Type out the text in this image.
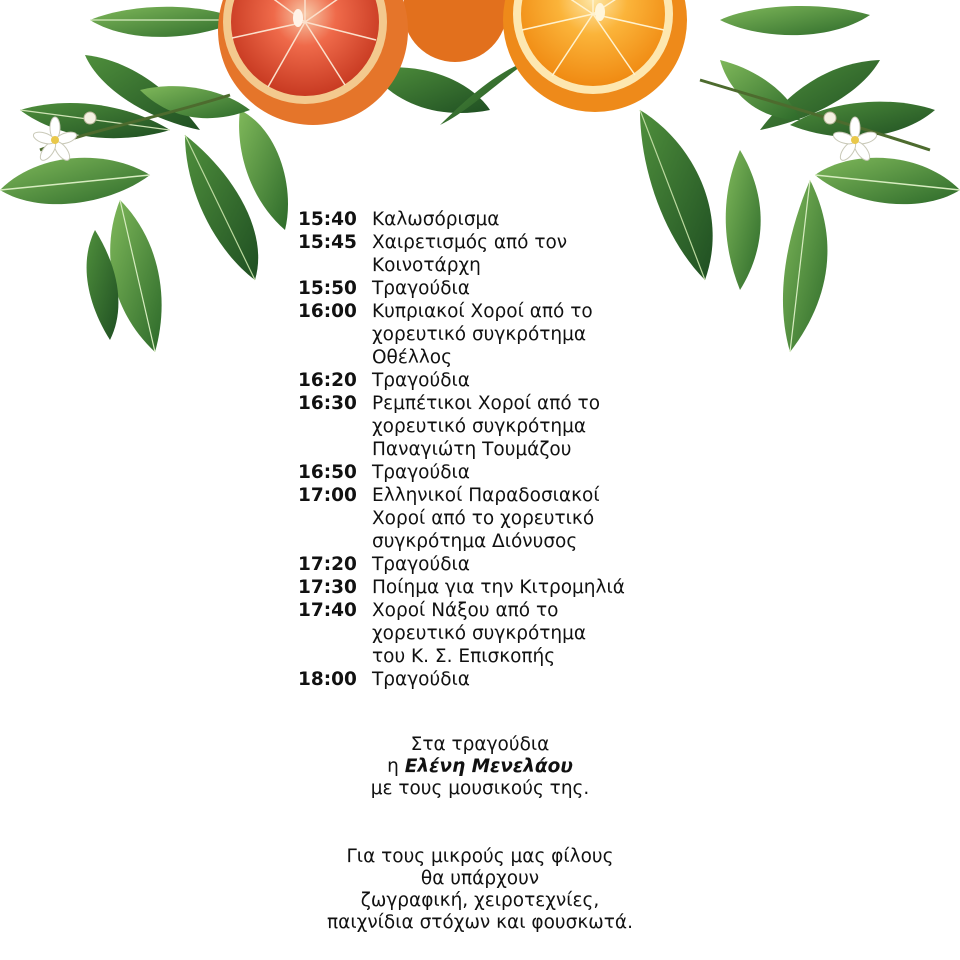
15:40 Καλωσόρισμα
15:45 Χαιρετισμός από τον
Κοινοτάρχη
15:50 Τραγούδια
16:00 Κυπριακοί Χοροί από το
χορευτικό συγκρότημα
Οθέλλος
16:20 Τραγούδια
16:30 Ρεμπέτικοι Χοροί από το
χορευτικό συγκρότημα
Παναγιώτη Τουμάζου
16:50 Τραγούδια
17:00 Ελληνικοί Παραδοσιακοί
Χοροί από το χορευτικό
συγκρότημα Διόνυσος
17:20 Τραγούδια
17:30 Ποίημα για την Κιτρομηλιά
17:40 Χοροί Νάξου από το
χορευτικό συγκρότημα
του Κ. Σ. Επισκοπής
18:00 Τραγούδια
Στα τραγούδια
η Ελένη Μενελάου
με τους μουσικούς της.
Για τους μικρούς μας φίλους
θα υπάρχουν
ζωγραφική, χειροτεχνίες,
παιχνίδια στόχων και φουσκωτά.
